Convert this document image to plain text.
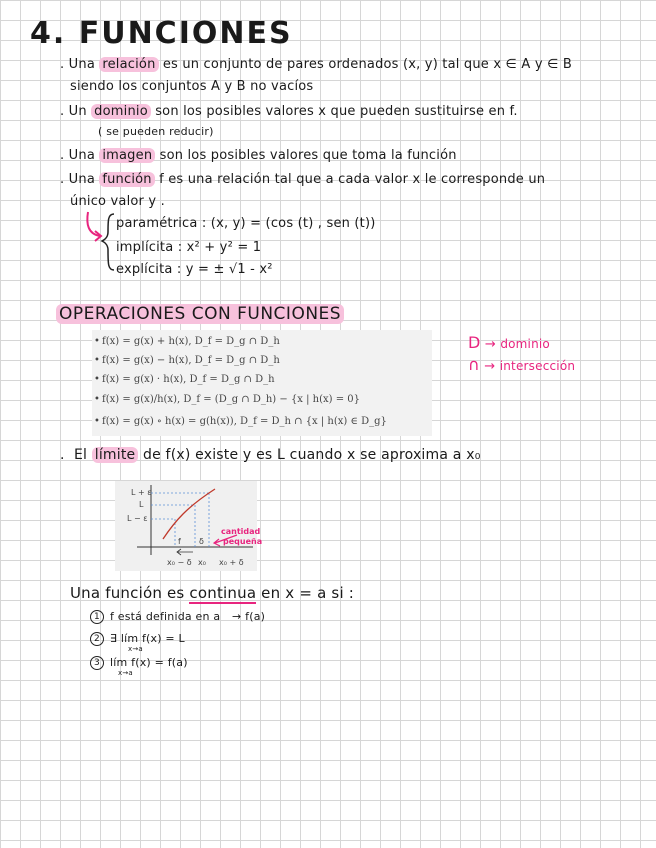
4. FUNCIONES
. Una relación es un conjunto de pares ordenados (x, y) tal que x ∈ A y ∈ B
siendo los conjuntos A y B no vacíos
. Un dominio son los posibles valores x que pueden sustituirse en f.
( se pueden reducir)
. Una imagen son los posibles valores que toma la función
. Una función f es una relación tal que a cada valor x le corresponde un
único valor y .
paramétrica : (x, y) = (cos (t) , sen (t))
implícita : x² + y² = 1
explícita : y = ± √1 - x²
OPERACIONES CON FUNCIONES
• f(x) = g(x) + h(x), D_f = D_g ∩ D_h
• f(x) = g(x) − h(x), D_f = D_g ∩ D_h
• f(x) = g(x) · h(x), D_f = D_g ∩ D_h
• f(x) = g(x)/h(x), D_f = (D_g ∩ D_h) − {x | h(x) = 0}
• f(x) = g(x) ∘ h(x) = g(h(x)), D_f = D_h ∩ {x | h(x) ∈ D_g}
D → dominio
∩ → intersección
.  El límite de f(x) existe y es L cuando x se aproxima a x₀
L + ε
L
L − ε
f δ
x₀ − δ x₀ x₀ + δ
cantidad
pequeña
Una función es continua en x = a si :
1 f está definida en a → f(a)
2 ∃ lím f(x) = L
x→a
3 lím f(x) = f(a)
x→a
